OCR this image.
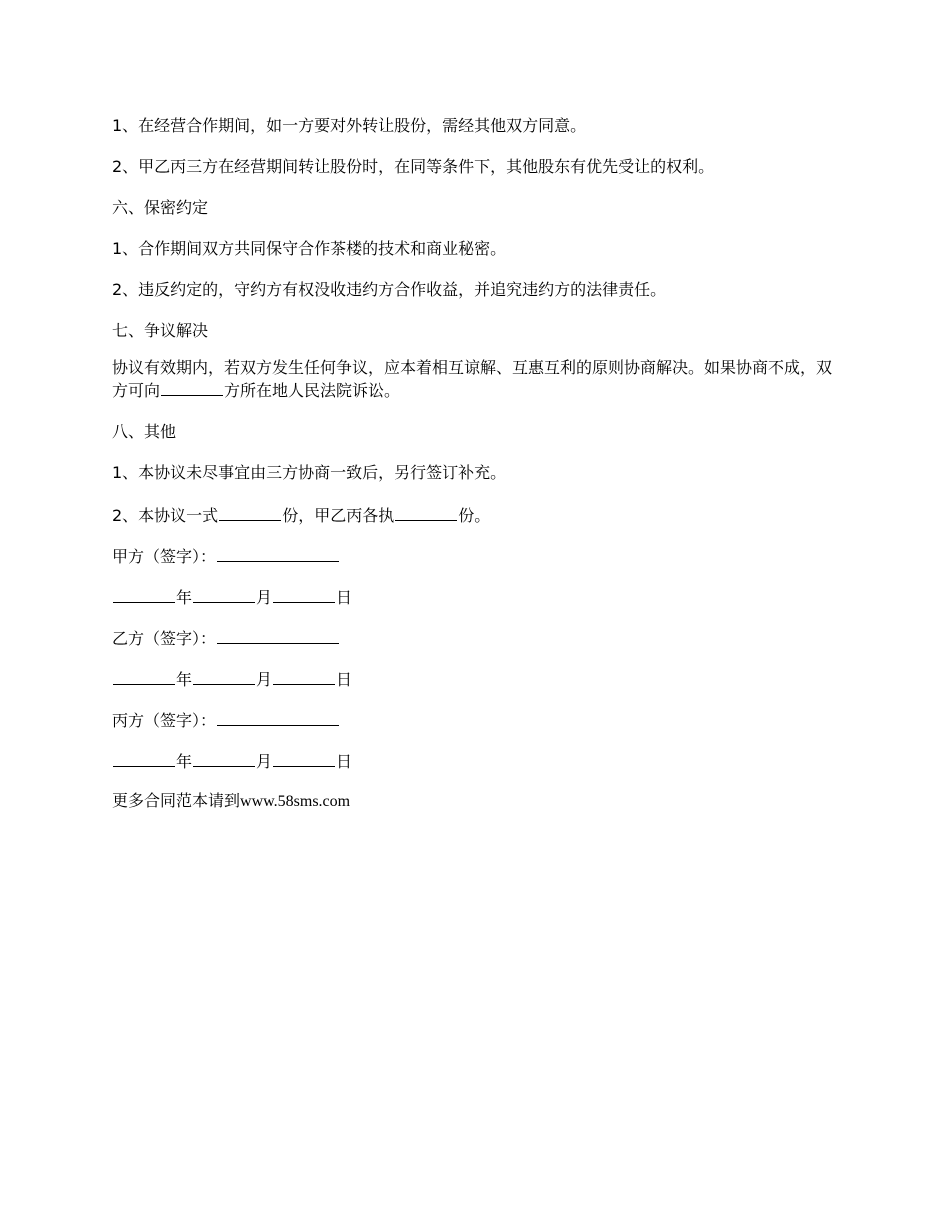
1、在经营合作期间，如一方要对外转让股份，需经其他双方同意。

2、甲乙丙三方在经营期间转让股份时，在同等条件下，其他股东有优先受让的权利。

六、保密约定

1、合作期间双方共同保守合作茶楼的技术和商业秘密。

2、违反约定的，守约方有权没收违约方合作收益，并追究违约方的法律责任。

七、争议解决

协议有效期内，若双方发生任何争议，应本着相互谅解、互惠互利的原则协商解决。如果协商不成，双方可向	方所在地人民法院诉讼。

八、其他

1、本协议未尽事宜由三方协商一致后，另行签订补充。

2、本协议一式	份，甲乙丙各执	份。

甲方（签字）：

年	月	日

乙方（签字）：

年	月	日

丙方（签字）：

年	月	日

更多合同范本请到www.58sms.com
